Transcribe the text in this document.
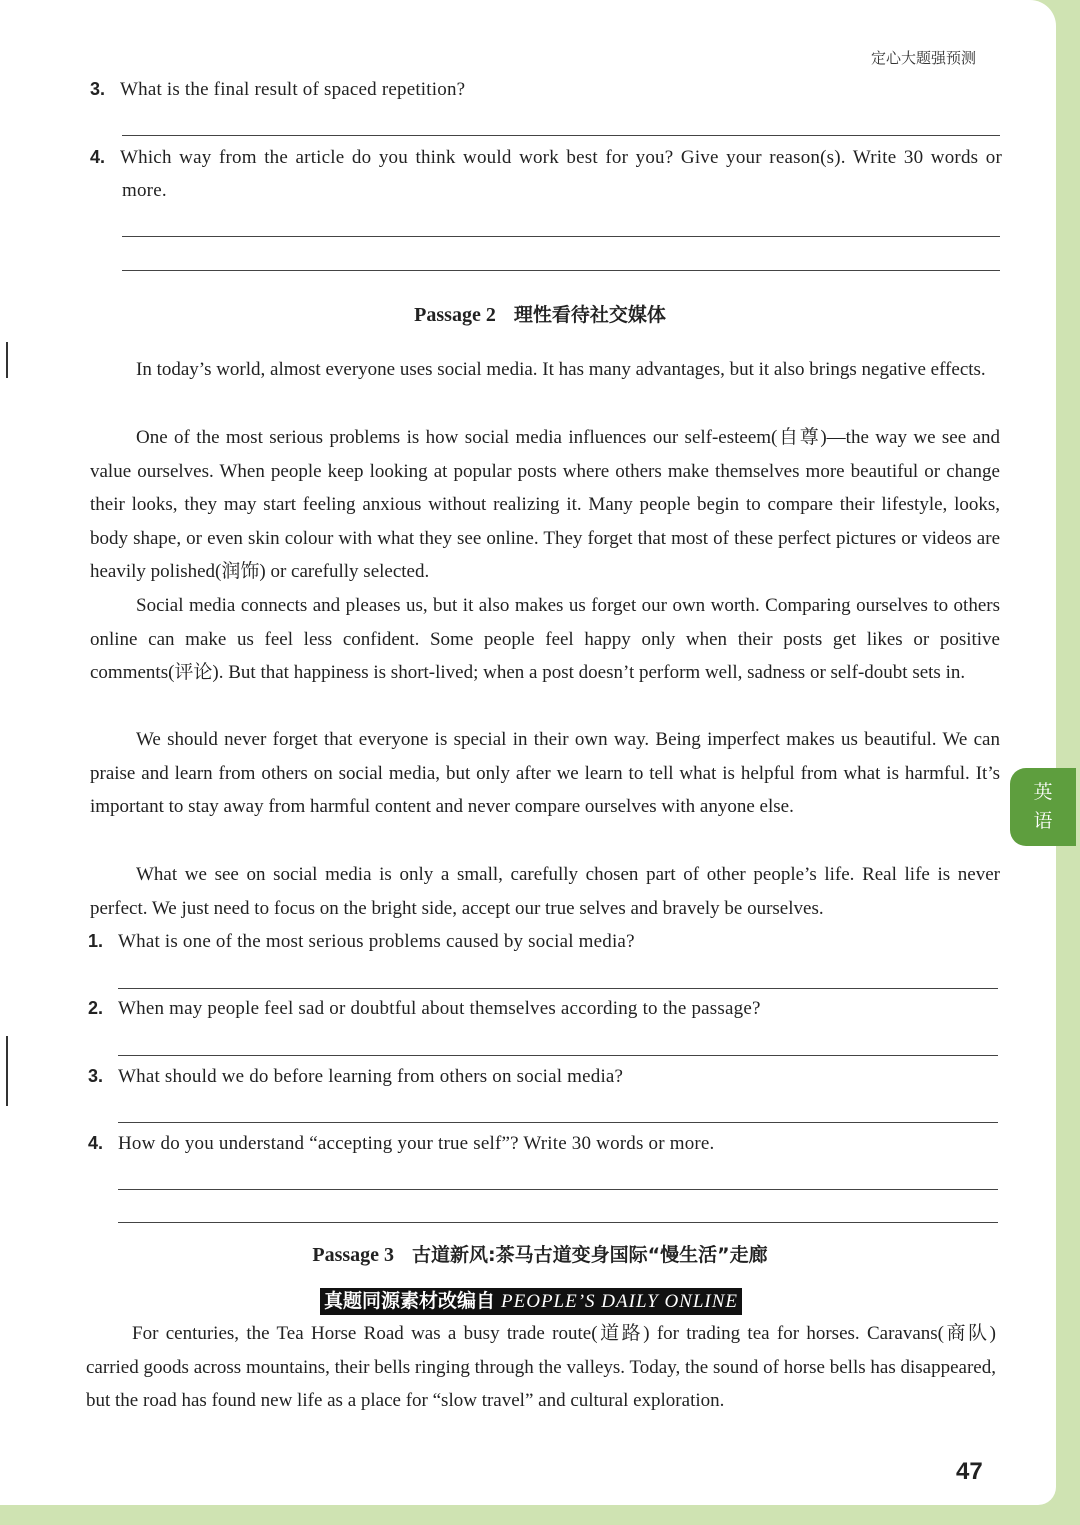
定心大题强预测
3. What is the final result of spaced repetition?
4. Which way from the article do you think would work best for you? Give your reason(s). Write 30 words or more.
Passage 2 理性看待社交媒体

In today’s world, almost everyone uses social media. It has many advantages, but it also brings negative effects.

One of the most serious problems is how social media influences our self-esteem(自尊)—the way we see and value ourselves. When people keep looking at popular posts where others make themselves more beautiful or change their looks, they may start feeling anxious without realizing it. Many people begin to compare their lifestyle, looks, body shape, or even skin colour with what they see online. They forget that most of these perfect pictures or videos are heavily polished(润饰) or carefully selected.

Social media connects and pleases us, but it also makes us forget our own worth. Comparing ourselves to others online can make us feel less confident. Some people feel happy only when their posts get likes or positive comments(评论). But that happiness is short-lived; when a post doesn’t perform well, sadness or self-doubt sets in.

We should never forget that everyone is special in their own way. Being imperfect makes us beautiful. We can praise and learn from others on social media, but only after we learn to tell what is helpful from what is harmful. It’s important to stay away from harmful content and never compare ourselves with anyone else.

What we see on social media is only a small, carefully chosen part of other people’s life. Real life is never perfect. We just need to focus on the bright side, accept our true selves and bravely be ourselves.

1. What is one of the most serious problems caused by social media?
2. When may people feel sad or doubtful about themselves according to the passage?
3. What should we do before learning from others on social media?
4. How do you understand “accepting your true self”? Write 30 words or more.
Passage 3 古道新风:茶马古道变身国际“慢生活”走廊
真题同源素材改编自 PEOPLE’S DAILY ONLINE

For centuries, the Tea Horse Road was a busy trade route(道路) for trading tea for horses. Caravans(商队) carried goods across mountains, their bells ringing through the valleys. Today, the sound of horse bells has disappeared, but the road has found new life as a place for “slow travel” and cultural exploration.

47
英
语
